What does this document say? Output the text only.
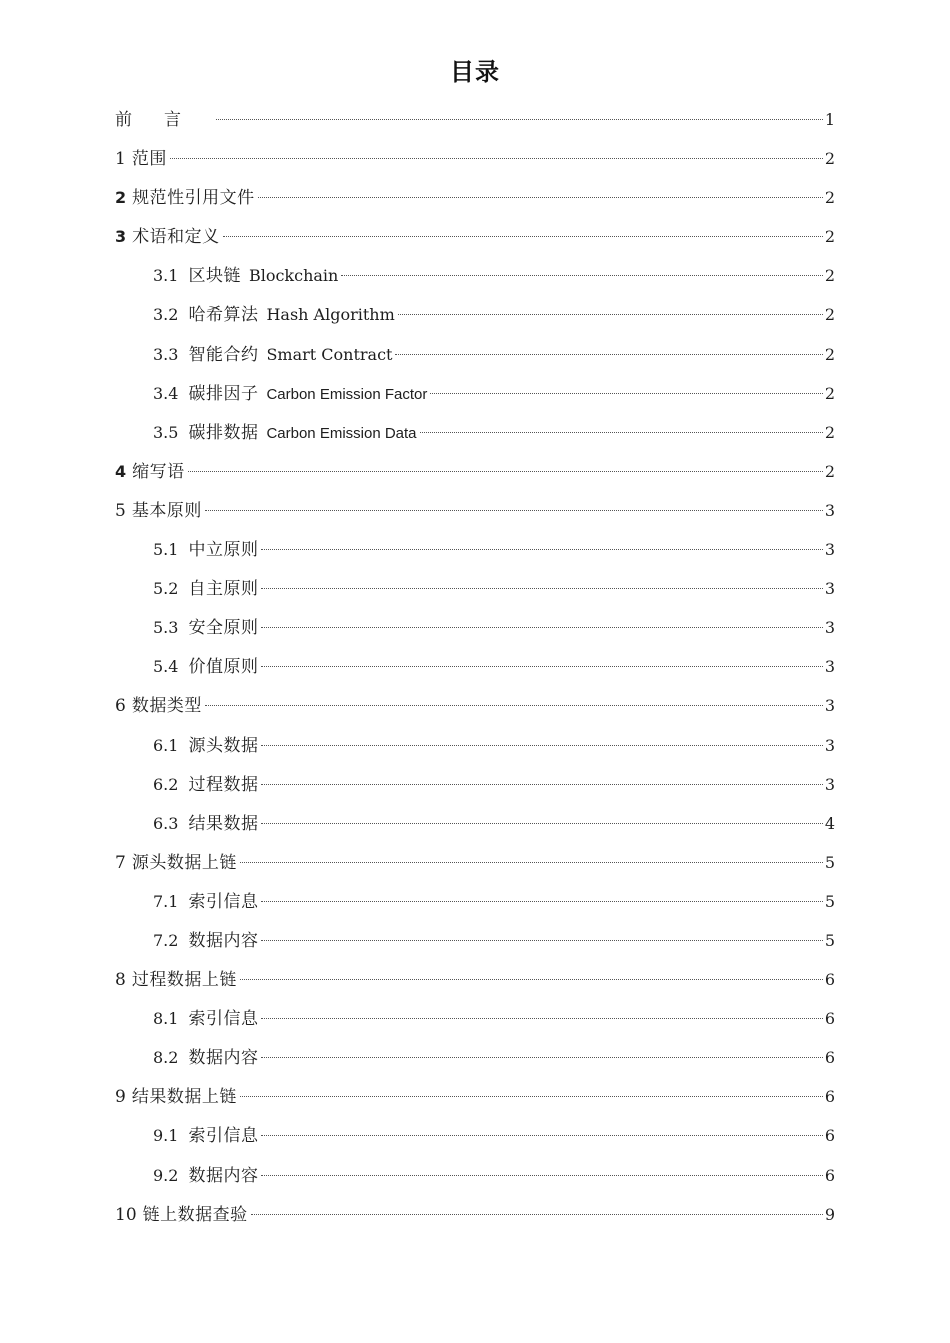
目录
前言	1
1 范围	2
2 规范性引用文件	2
3 术语和定义	2
3.1 区块链 Blockchain	2
3.2 哈希算法 Hash Algorithm	2
3.3 智能合约 Smart Contract	2
3.4 碳排因子 Carbon Emission Factor	2
3.5 碳排数据 Carbon Emission Data	2
4 缩写语	2
5 基本原则	3
5.1 中立原则	3
5.2 自主原则	3
5.3 安全原则	3
5.4 价值原则	3
6 数据类型	3
6.1 源头数据	3
6.2 过程数据	3
6.3 结果数据	4
7 源头数据上链	5
7.1 索引信息	5
7.2 数据内容	5
8 过程数据上链	6
8.1 索引信息	6
8.2 数据内容	6
9 结果数据上链	6
9.1 索引信息	6
9.2 数据内容	6
10 链上数据查验	9
